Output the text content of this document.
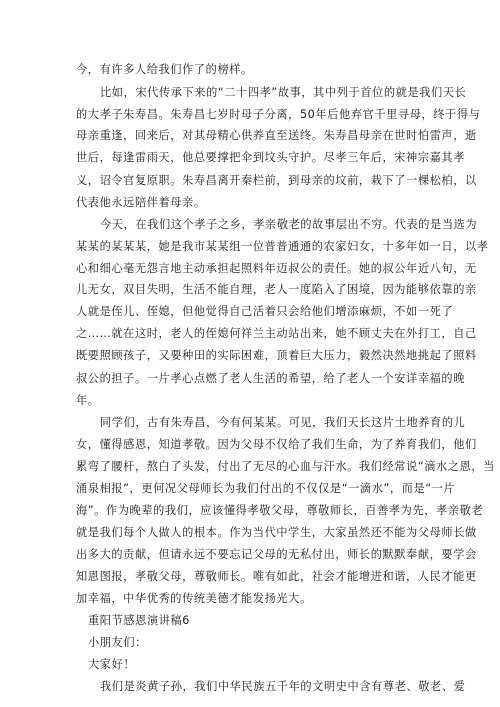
今，有许多人给我们作了的榜样。

比如，宋代传承下来的“二十四孝”故事，其中列于首位的就是我们天长

的大孝子朱寿昌。朱寿昌七岁时母子分离，50年后他弃官千里寻母，终于得与

母亲重逢，回来后，对其母精心供养直至送终。朱寿昌母亲在世时怕雷声，逝

世后，每逢雷雨天，他总要撑把伞到坟头守护。尽孝三年后，宋神宗嘉其孝

义，诏令官复原职。朱寿昌离开秦栏前，到母亲的坟前，栽下了一棵松柏，以

代表他永远陪伴着母亲。

今天，在我们这个孝子之乡，孝亲敬老的故事层出不穷。代表的是当选为

某某的某某某，她是我市某某组一位普普通通的农家妇女，十多年如一日，以孝

心和细心毫无怨言地主动承担起照料年迈叔公的责任。她的叔公年近八旬，无

儿无女，双目失明，生活不能自理，老人一度陷入了困境，因为能够依靠的亲

人就是侄儿、侄媳，但他觉得自己活着只会给他们增添麻烦，不如一死了

之……就在这时，老人的侄媳何祥兰主动站出来，她不顾丈夫在外打工，自己

既要照顾孩子，又要种田的实际困难，顶着巨大压力，毅然决然地挑起了照料

叔公的担子。一片孝心点燃了老人生活的希望，给了老人一个安详幸福的晚

年。

同学们，古有朱寿昌，今有何某某。可见，我们天长这片土地养育的儿

女，懂得感恩，知道孝敬。因为父母不仅给了我们生命，为了养育我们，他们

累弯了腰杆，熬白了头发，付出了无尽的心血与汗水。我们经常说“滴水之恩，当

涌泉相报”，更何况父母师长为我们付出的不仅仅是“一滴水”，而是“一片

海”。作为晚辈的我们，应该懂得孝敬父母，尊敬师长，百善孝为先，孝亲敬老

就是我们每个人做人的根本。作为当代中学生，大家虽然还不能为父母师长做

出多大的贡献，但请永远不要忘记父母的无私付出，师长的默默奉献，要学会

知恩图报，孝敬父母，尊敬师长。唯有如此，社会才能增进和谐，人民才能更

加幸福，中华优秀的传统美德才能发扬光大。

重阳节感恩演讲稿6

小朋友们：

大家好！

我们是炎黄子孙，我们中华民族五千年的文明史中含有尊老、敬老、爱
